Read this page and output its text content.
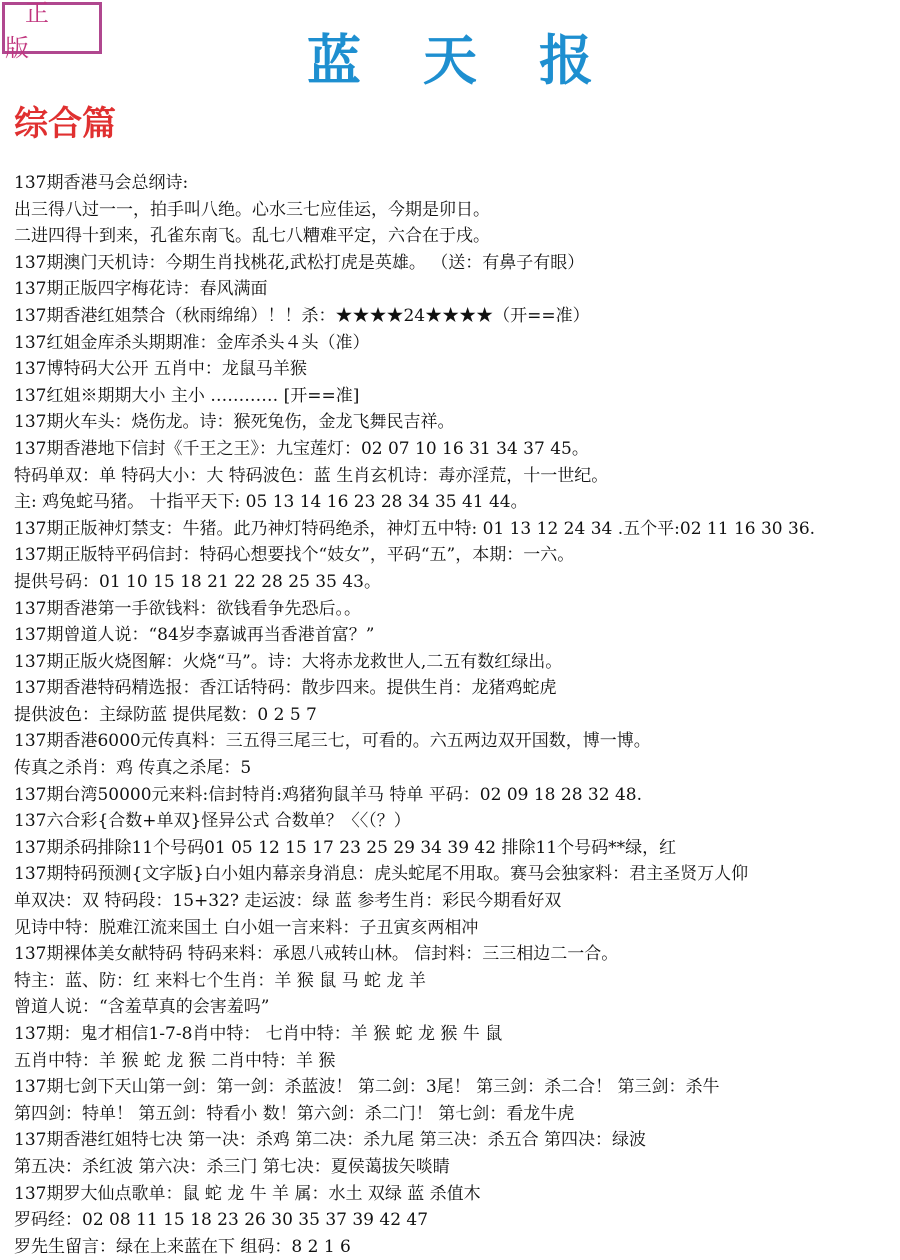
正 版	蓝天报
综合篇
137期香港马会总纲诗:
出三得八过一一，拍手叫八绝。心水三七应佳运，今期是卯日。
二进四得十到来，孔雀东南飞。乱七八糟难平定，六合在于戌。
137期澳门天机诗：今期生肖找桃花,武松打虎是英雄。 （送：有鼻子有眼）
137期正版四字梅花诗：春风满面
137期香港红姐禁合（秋雨绵绵）！！杀：★★★★24★★★★（开==准）
137红姐金库杀头期期准：金库杀头４头（准）
137博特码大公开 五肖中：龙鼠马羊猴
137红姐※期期大小 主小 ………… [开==准]
137期火车头：烧伤龙。诗：猴死兔伤，金龙飞舞民吉祥。
137期香港地下信封《千王之王》：九宝莲灯：02 07 10 16 31 34 37 45。
特码单双：单 特码大小：大 特码波色：蓝 生肖玄机诗：毒亦淫荒，十一世纪。
主: 鸡兔蛇马猪。 十指平天下: 05 13 14 16 23 28 34 35 41 44。
137期正版神灯禁支：牛猪。此乃神灯特码绝杀，神灯五中特: 01 13 12 24 34 .五个平:02 11 16 30 36.
137期正版特平码信封：特码心想要找个“妓女”，平码“五”，本期：一六。
提供号码：01 10 15 18 21 22 28 25 35 43。
137期香港第一手欲钱料：欲钱看争先恐后。。
137期曾道人说：“84岁李嘉诚再当香港首富？”
137期正版火烧图解：火烧“马”。诗：大将赤龙救世人,二五有数红绿出。
137期香港特码精选报：香江话特码：散步四来。提供生肖：龙猪鸡蛇虎
提供波色：主绿防蓝 提供尾数：0 2 5 7
137期香港6000元传真料：三五得三尾三七，可看的。六五两边双开国数，博一博。
传真之杀肖：鸡 传真之杀尾：5
137期台湾50000元来料:信封特肖:鸡猪狗鼠羊马 特单 平码：02 09 18 28 32 48.
137六合彩{合数+单双}怪异公式 合数单？〈〈（？）
137期杀码排除11个号码01 05 12 15 17 23 25 29 34 39 42 排除11个号码**绿，红
137期特码预测{文字版}白小姐内幕亲身消息：虎头蛇尾不用取。赛马会独家料：君主圣贤万人仰
单双决：双 特码段：15+32? 走运波：绿 蓝 参考生肖：彩民今期看好双
见诗中特：脱难江流来国土 白小姐一言来料：子丑寅亥两相冲
137期裸体美女献特码 特码来料：承恩八戒转山林。 信封料：三三相边二一合。
特主：蓝、防：红 来料七个生肖：羊 猴 鼠 马 蛇 龙 羊
曾道人说：“含羞草真的会害羞吗”
137期：鬼才相信1-7-8肖中特： 七肖中特：羊 猴 蛇 龙 猴 牛 鼠
五肖中特：羊 猴 蛇 龙 猴 二肖中特：羊 猴
137期七剑下天山第一剑：第一剑：杀蓝波！ 第二剑：3尾！ 第三剑：杀二合！ 第三剑：杀牛
第四剑：特单！ 第五剑：特看小 数！第六剑：杀二门！ 第七剑：看龙牛虎
137期香港红姐特七决 第一决：杀鸡 第二决：杀九尾 第三决：杀五合 第四决：绿波
第五决：杀红波 第六决：杀三门 第七决：夏侯蔼拔矢啖睛
137期罗大仙点歌单：鼠 蛇 龙 牛 羊 属：水土 双绿 蓝 杀值木
罗码经：02 08 11 15 18 23 26 30 35 37 39 42 47
罗先生留言：绿在上来蓝在下 组码：8 2 1 6
